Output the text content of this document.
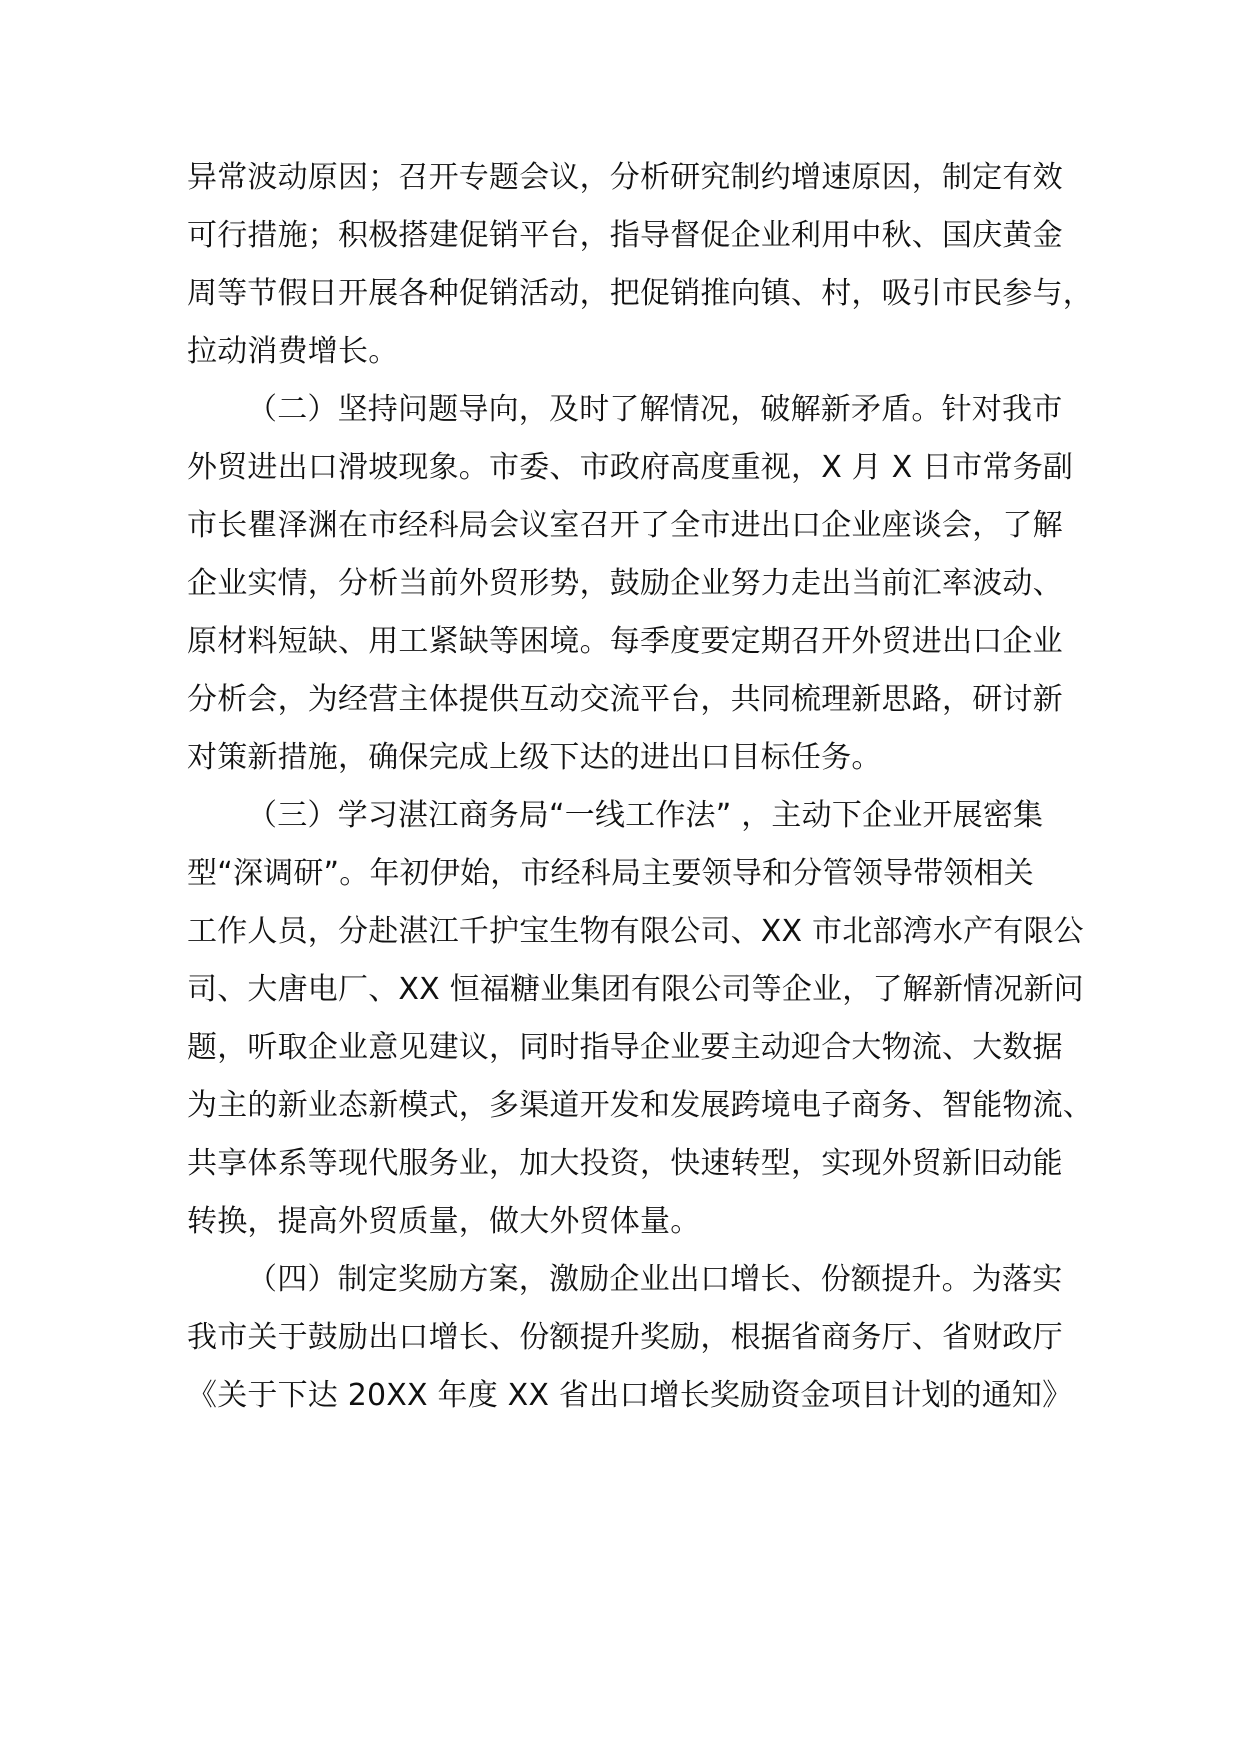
异常波动原因；召开专题会议，分析研究制约增速原因，制定有效
可行措施；积极搭建促销平台，指导督促企业利用中秋、国庆黄金
周等节假日开展各种促销活动，把促销推向镇、村，吸引市民参与，
拉动消费增长。
（二）坚持问题导向，及时了解情况，破解新矛盾。针对我市
外贸进出口滑坡现象。市委、市政府高度重视，X 月 X 日市常务副
市长瞿泽渊在市经科局会议室召开了全市进出口企业座谈会，了解
企业实情，分析当前外贸形势，鼓励企业努力走出当前汇率波动、
原材料短缺、用工紧缺等困境。每季度要定期召开外贸进出口企业
分析会，为经营主体提供互动交流平台，共同梳理新思路，研讨新
对策新措施，确保完成上级下达的进出口目标任务。
（三）学习湛江商务局“一线工作法” ，主动下企业开展密集
型“深调研”。年初伊始，市经科局主要领导和分管领导带领相关
工作人员，分赴湛江千护宝生物有限公司、XX 市北部湾水产有限公
司、大唐电厂、XX 恒福糖业集团有限公司等企业，了解新情况新问
题，听取企业意见建议，同时指导企业要主动迎合大物流、大数据
为主的新业态新模式，多渠道开发和发展跨境电子商务、智能物流、
共享体系等现代服务业，加大投资，快速转型，实现外贸新旧动能
转换，提高外贸质量，做大外贸体量。
（四）制定奖励方案，激励企业出口增长、份额提升。为落实
我市关于鼓励出口增长、份额提升奖励，根据省商务厅、省财政厅
《关于下达 20XX 年度 XX 省出口增长奖励资金项目计划的通知》
